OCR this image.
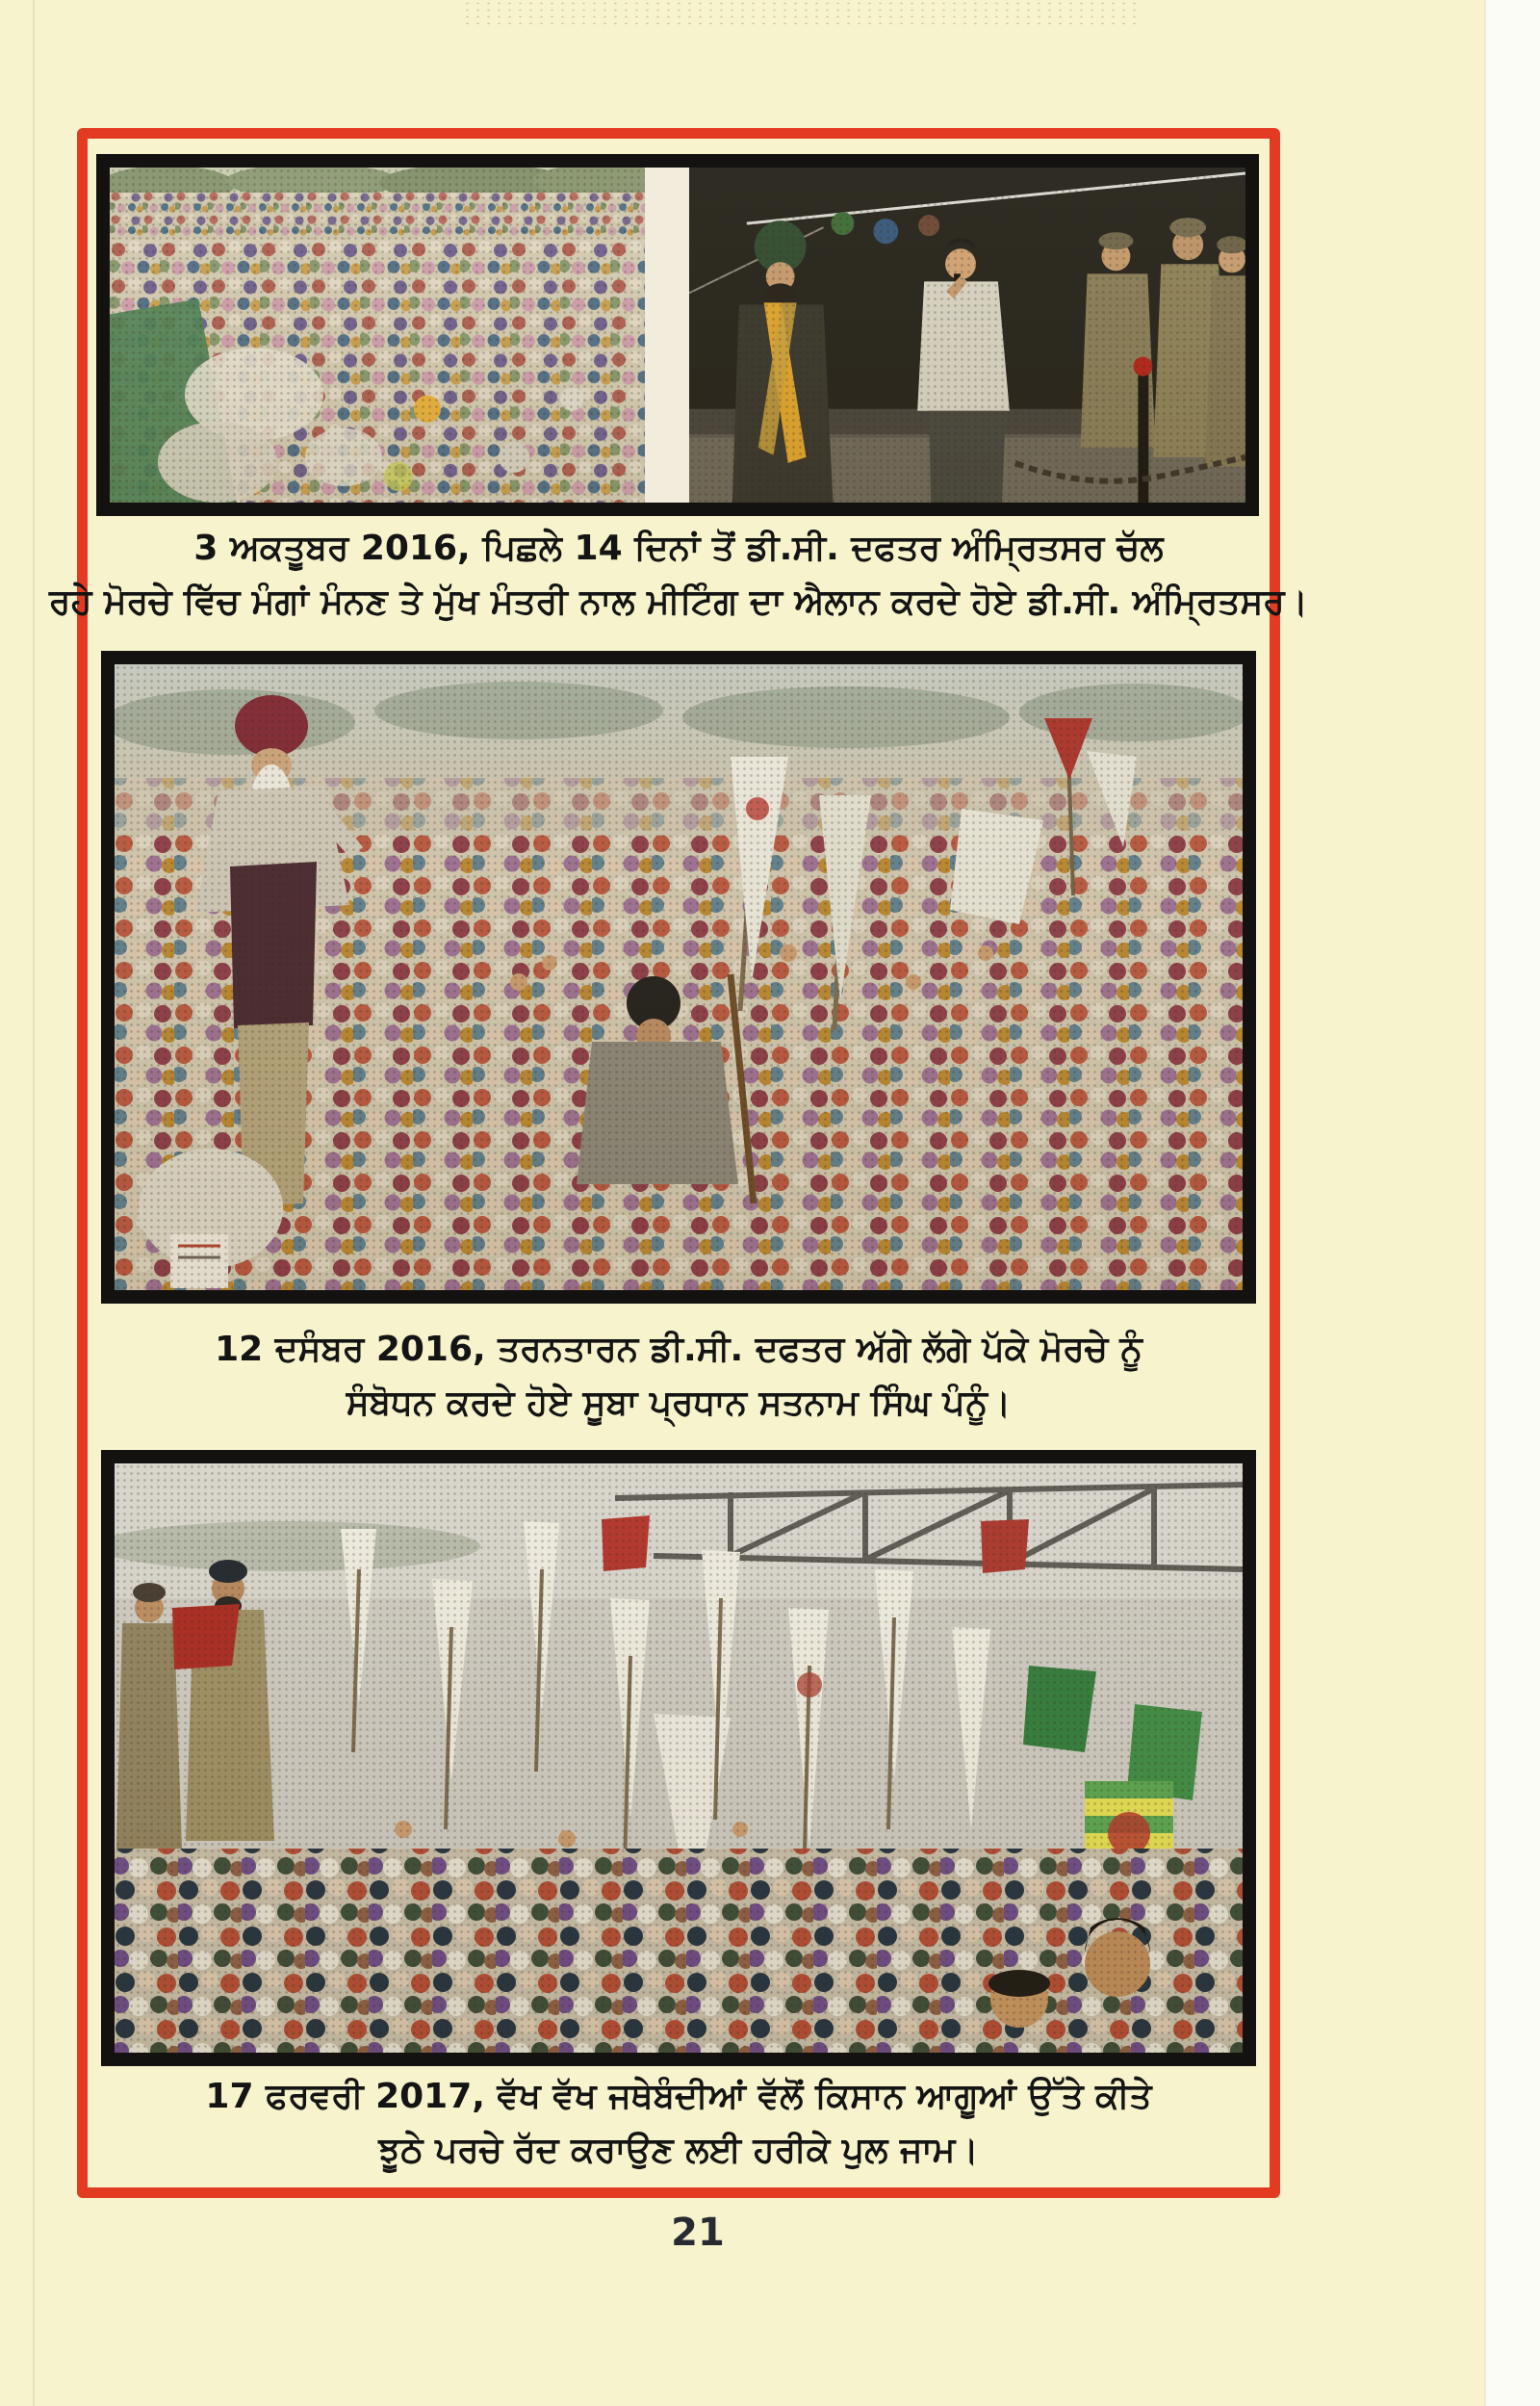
3 ਅਕਤੂਬਰ 2016, ਪਿਛਲੇ 14 ਦਿਨਾਂ ਤੋਂ ਡੀ.ਸੀ. ਦਫਤਰ ਅੰਮ੍ਰਿਤਸਰ ਚੱਲ
ਰਹੇ ਮੋਰਚੇ ਵਿੱਚ ਮੰਗਾਂ ਮੰਨਣ ਤੇ ਮੁੱਖ ਮੰਤਰੀ ਨਾਲ ਮੀਟਿੰਗ ਦਾ ਐਲਾਨ ਕਰਦੇ ਹੋਏ ਡੀ.ਸੀ. ਅੰਮ੍ਰਿਤਸਰ।
12 ਦਸੰਬਰ 2016, ਤਰਨਤਾਰਨ ਡੀ.ਸੀ. ਦਫਤਰ ਅੱਗੇ ਲੱਗੇ ਪੱਕੇ ਮੋਰਚੇ ਨੂੰ
ਸੰਬੋਧਨ ਕਰਦੇ ਹੋਏ ਸੂਬਾ ਪ੍ਰਧਾਨ ਸਤਨਾਮ ਸਿੰਘ ਪੰਨੂੰ।
17 ਫਰਵਰੀ 2017, ਵੱਖ ਵੱਖ ਜਥੇਬੰਦੀਆਂ ਵੱਲੋਂ ਕਿਸਾਨ ਆਗੂਆਂ ਉੱਤੇ ਕੀਤੇ
ਝੂਠੇ ਪਰਚੇ ਰੱਦ ਕਰਾਉਣ ਲਈ ਹਰੀਕੇ ਪੁਲ ਜਾਮ।
21
